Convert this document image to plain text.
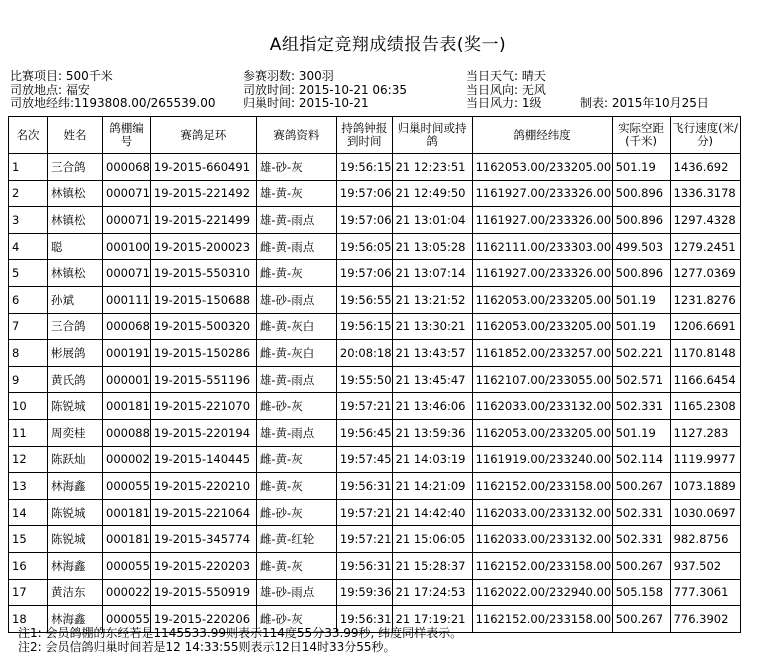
A组指定竞翔成绩报告表(奖一)
比赛项目: 500千米
司放地点: 福安
司放地经纬:1193808.00/265539.00
参赛羽数: 300羽
司放时间: 2015-10-21 06:35
归巢时间: 2015-10-21
当日天气: 晴天
当日风向: 无风
当日风力: 1级	制表: 2015年10月25日
名次	姓名	鸽棚编号	赛鸽足环	赛鸽资料	持鸽钟报到时间	归巢时间或持鸽	鸽棚经纬度	实际空距(千米)	飞行速度(米/分)
1	三合鸽	000068	19-2015-660491	雄-砂-灰	19:56:15	21 12:23:51	1162053.00/233205.00	501.19	1436.692
2	林镇松	000071	19-2015-221492	雄-黄-灰	19:57:06	21 12:49:50	1161927.00/233326.00	500.896	1336.3178
3	林镇松	000071	19-2015-221499	雄-黄-雨点	19:57:06	21 13:01:04	1161927.00/233326.00	500.896	1297.4328
4	聪	000100	19-2015-200023	雌-黄-雨点	19:56:05	21 13:05:28	1162111.00/233303.00	499.503	1279.2451
5	林镇松	000071	19-2015-550310	雌-黄-灰	19:57:06	21 13:07:14	1161927.00/233326.00	500.896	1277.0369
6	孙斌	000111	19-2015-150688	雄-砂-雨点	19:56:55	21 13:21:52	1162053.00/233205.00	501.19	1231.8276
7	三合鸽	000068	19-2015-500320	雌-黄-灰白	19:56:15	21 13:30:21	1162053.00/233205.00	501.19	1206.6691
8	彬展鸽	000191	19-2015-150286	雌-黄-灰白	20:08:18	21 13:43:57	1161852.00/233257.00	502.221	1170.8148
9	黄氏鸽	000001	19-2015-551196	雄-黄-雨点	19:55:50	21 13:45:47	1162107.00/233055.00	502.571	1166.6454
10	陈锐城	000181	19-2015-221070	雌-砂-灰	19:57:21	21 13:46:06	1162033.00/233132.00	502.331	1165.2308
11	周奕桂	000088	19-2015-220194	雄-黄-雨点	19:56:45	21 13:59:36	1162053.00/233205.00	501.19	1127.283
12	陈跃灿	000002	19-2015-140445	雌-黄-灰	19:57:45	21 14:03:19	1161919.00/233240.00	502.114	1119.9977
13	林海鑫	000055	19-2015-220210	雌-黄-灰	19:56:31	21 14:21:09	1162152.00/233158.00	500.267	1073.1889
14	陈锐城	000181	19-2015-221064	雌-砂-灰	19:57:21	21 14:42:40	1162033.00/233132.00	502.331	1030.0697
15	陈锐城	000181	19-2015-345774	雌-黄-红轮	19:57:21	21 15:06:05	1162033.00/233132.00	502.331	982.8756
16	林海鑫	000055	19-2015-220203	雌-黄-灰	19:56:31	21 15:28:37	1162152.00/233158.00	500.267	937.502
17	黄洁东	000022	19-2015-550919	雄-砂-雨点	19:59:36	21 17:24:53	1162022.00/232940.00	505.158	777.3061
18	林海鑫	000055	19-2015-220206	雌-砂-灰	19:56:31	21 17:19:21	1162152.00/233158.00	500.267	776.3902
注1: 会员鸽棚的东经若是1145533.99则表示114度55分33.99秒, 纬度同样表示。
注2: 会员信鸽归巢时间若是12 14:33:55则表示12日14时33分55秒。
